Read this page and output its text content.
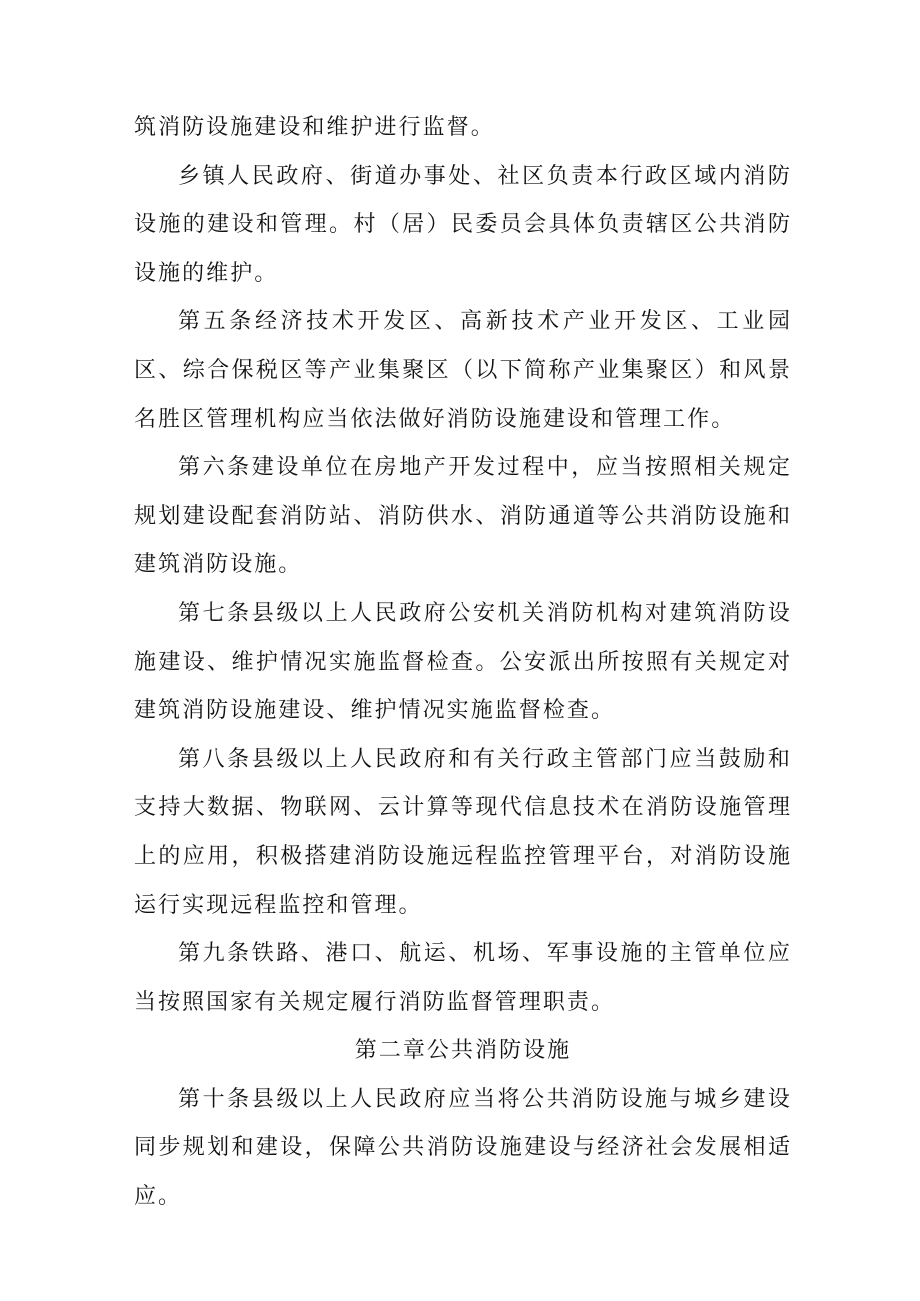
筑消防设施建设和维护进行监督。

乡镇人民政府、街道办事处、社区负责本行政区域内消防设施的建设和管理。村（居）民委员会具体负责辖区公共消防设施的维护。

第五条经济技术开发区、高新技术产业开发区、工业园区、综合保税区等产业集聚区（以下简称产业集聚区）和风景名胜区管理机构应当依法做好消防设施建设和管理工作。

第六条建设单位在房地产开发过程中，应当按照相关规定规划建设配套消防站、消防供水、消防通道等公共消防设施和建筑消防设施。

第七条县级以上人民政府公安机关消防机构对建筑消防设施建设、维护情况实施监督检查。公安派出所按照有关规定对建筑消防设施建设、维护情况实施监督检查。

第八条县级以上人民政府和有关行政主管部门应当鼓励和支持大数据、物联网、云计算等现代信息技术在消防设施管理上的应用，积极搭建消防设施远程监控管理平台，对消防设施运行实现远程监控和管理。

第九条铁路、港口、航运、机场、军事设施的主管单位应当按照国家有关规定履行消防监督管理职责。

第二章公共消防设施

第十条县级以上人民政府应当将公共消防设施与城乡建设同步规划和建设，保障公共消防设施建设与经济社会发展相适应。
